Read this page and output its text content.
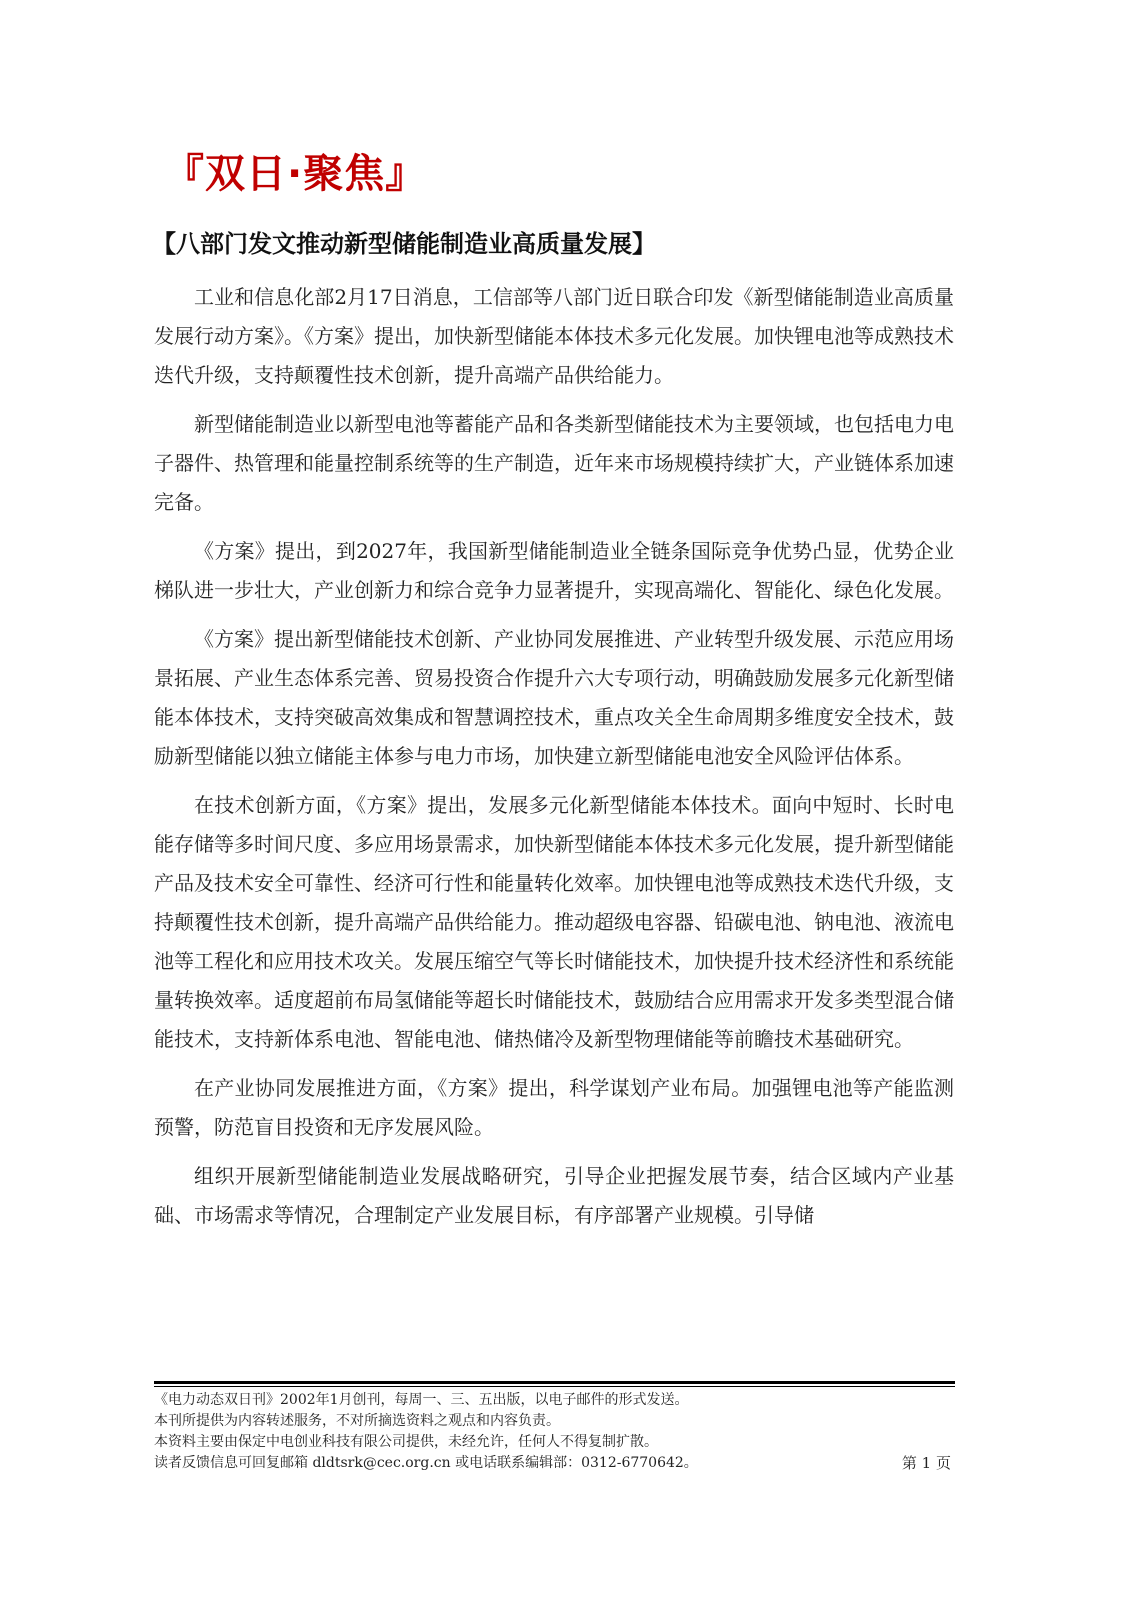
『双日·聚焦』
【八部门发文推动新型储能制造业高质量发展】

工业和信息化部2月17日消息，工信部等八部门近日联合印发《新型储能制造业高质量发展行动方案》。《方案》提出，加快新型储能本体技术多元化发展。加快锂电池等成熟技术迭代升级，支持颠覆性技术创新，提升高端产品供给能力。

新型储能制造业以新型电池等蓄能产品和各类新型储能技术为主要领域，也包括电力电子器件、热管理和能量控制系统等的生产制造，近年来市场规模持续扩大，产业链体系加速完备。

《方案》提出，到2027年，我国新型储能制造业全链条国际竞争优势凸显，优势企业梯队进一步壮大，产业创新力和综合竞争力显著提升，实现高端化、智能化、绿色化发展。

《方案》提出新型储能技术创新、产业协同发展推进、产业转型升级发展、示范应用场景拓展、产业生态体系完善、贸易投资合作提升六大专项行动，明确鼓励发展多元化新型储能本体技术，支持突破高效集成和智慧调控技术，重点攻关全生命周期多维度安全技术，鼓励新型储能以独立储能主体参与电力市场，加快建立新型储能电池安全风险评估体系。

在技术创新方面，《方案》提出，发展多元化新型储能本体技术。面向中短时、长时电能存储等多时间尺度、多应用场景需求，加快新型储能本体技术多元化发展，提升新型储能产品及技术安全可靠性、经济可行性和能量转化效率。加快锂电池等成熟技术迭代升级，支持颠覆性技术创新，提升高端产品供给能力。推动超级电容器、铅碳电池、钠电池、液流电池等工程化和应用技术攻关。发展压缩空气等长时储能技术，加快提升技术经济性和系统能量转换效率。适度超前布局氢储能等超长时储能技术，鼓励结合应用需求开发多类型混合储能技术，支持新体系电池、智能电池、储热储冷及新型物理储能等前瞻技术基础研究。

在产业协同发展推进方面，《方案》提出，科学谋划产业布局。加强锂电池等产能监测预警，防范盲目投资和无序发展风险。

组织开展新型储能制造业发展战略研究，引导企业把握发展节奏，结合区域内产业基础、市场需求等情况，合理制定产业发展目标，有序部署产业规模。引导储

《电力动态双日刊》2002年1月创刊，每周一、三、五出版，以电子邮件的形式发送。

本刊所提供为内容转述服务，不对所摘选资料之观点和内容负责。

本资料主要由保定中电创业科技有限公司提供，未经允许，任何人不得复制扩散。

读者反馈信息可回复邮箱 dldtsrk@cec.org.cn 或电话联系编辑部：0312-6770642。	第 1 页
